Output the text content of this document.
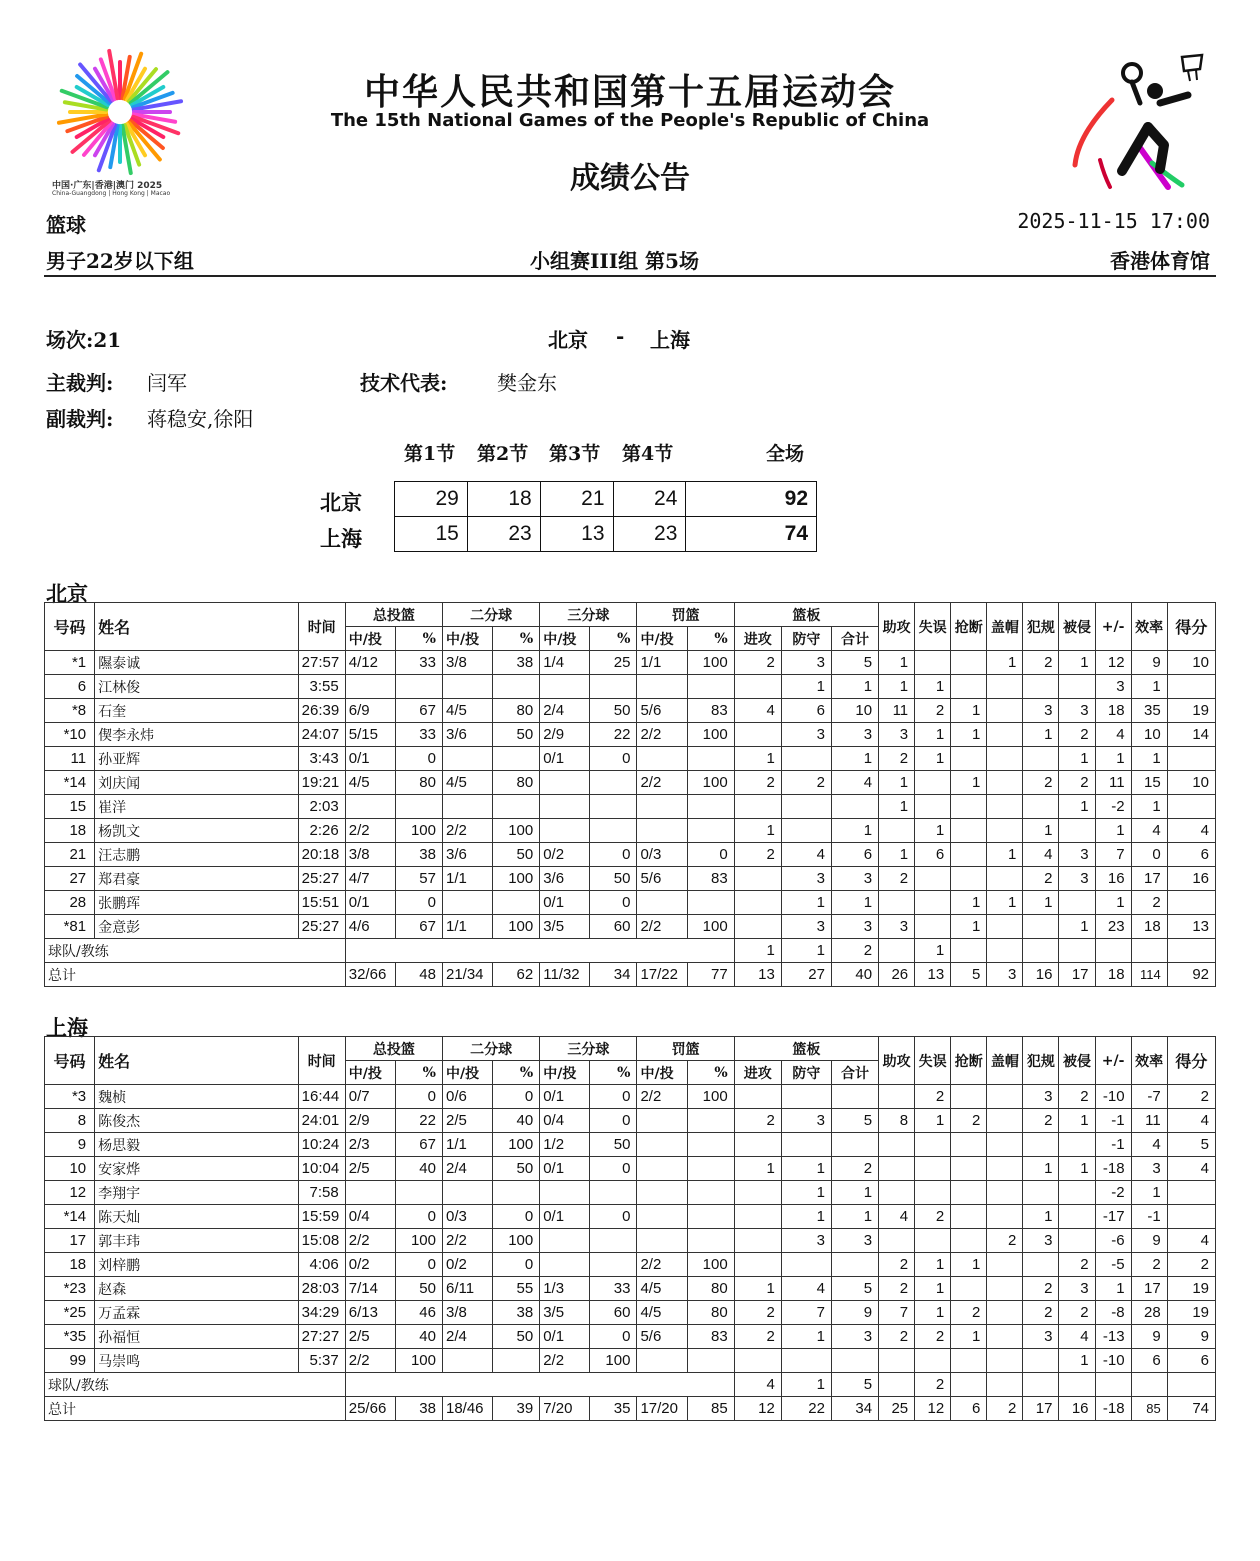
中国·广东|香港|澳门 2025
China-Guangdong | Hong Kong | Macao
中华人民共和国第十五届运动会
The 15th National Games of the People's Republic of China
成绩公告
篮球	2025-11-15 17:00
男子22岁以下组	小组赛III组 第5场	香港体育馆
场次:21	北京 - 上海
主裁判: 闫军	技术代表: 樊金东
副裁判: 蒋稳安,徐阳
第1节 第2节 第3节 第4节	全场
北京
上海
29	18	21	24	92
15	23	13	23	74
北京
号码	姓名	时间	总投篮		二分球		三分球		罚篮		篮板			助攻	失误	抢断	盖帽	犯规	被侵	+/-	效率	得分
			中/投	%	中/投	%	中/投	%	中/投	%	进攻	防守	合计									
*1	隰泰诚	27:57	4/12	33	3/8	38	1/4	25	1/1	100	2	3	5	1			1	2	1	12	9	10
6	江林俊	3:55										1	1	1	1					3	1	
*8	石奎	26:39	6/9	67	4/5	80	2/4	50	5/6	83	4	6	10	11	2	1		3	3	18	35	19
*10	偰李永炜	24:07	5/15	33	3/6	50	2/9	22	2/2	100		3	3	3	1	1		1	2	4	10	14
11	孙亚辉	3:43	0/1	0			0/1	0			1		1	2	1				1	1	1	
*14	刘庆闻	19:21	4/5	80	4/5	80			2/2	100	2	2	4	1		1		2	2	11	15	10
15	崔洋	2:03												1					1	-2	1	
18	杨凯文	2:26	2/2	100	2/2	100					1		1		1			1		1	4	4
21	汪志鹏	20:18	3/8	38	3/6	50	0/2	0	0/3	0	2	4	6	1	6		1	4	3	7	0	6
27	郑君豪	25:27	4/7	57	1/1	100	3/6	50	5/6	83		3	3	2				2	3	16	17	16
28	张鹏珲	15:51	0/1	0			0/1	0				1	1			1	1	1		1	2	
*81	金意彭	25:27	4/6	67	1/1	100	3/5	60	2/2	100		3	3	3		1			1	23	18	13
球队/教练											1	1	2		1							
总计			32/66	48	21/34	62	11/32	34	17/22	77	13	27	40	26	13	5	3	16	17	18	114	92
上海
号码	姓名	时间	总投篮		二分球		三分球		罚篮		篮板			助攻	失误	抢断	盖帽	犯规	被侵	+/-	效率	得分
			中/投	%	中/投	%	中/投	%	中/投	%	进攻	防守	合计									
*3	魏桢	16:44	0/7	0	0/6	0	0/1	0	2/2	100					2			3	2	-10	-7	2
8	陈俊杰	24:01	2/9	22	2/5	40	0/4	0			2	3	5	8	1	2		2	1	-1	11	4
9	杨思毅	10:24	2/3	67	1/1	100	1/2	50												-1	4	5
10	安家烨	10:04	2/5	40	2/4	50	0/1	0			1	1	2					1	1	-18	3	4
12	李翔宇	7:58										1	1							-2	1	
*14	陈天灿	15:59	0/4	0	0/3	0	0/1	0				1	1	4	2			1		-17	-1	
17	郭丰玮	15:08	2/2	100	2/2	100						3	3				2	3		-6	9	4
18	刘梓鹏	4:06	0/2	0	0/2	0			2/2	100				2	1	1			2	-5	2	2
*23	赵森	28:03	7/14	50	6/11	55	1/3	33	4/5	80	1	4	5	2	1			2	3	1	17	19
*25	万孟霖	34:29	6/13	46	3/8	38	3/5	60	4/5	80	2	7	9	7	1	2		2	2	-8	28	19
*35	孙福恒	27:27	2/5	40	2/4	50	0/1	0	5/6	83	2	1	3	2	2	1		3	4	-13	9	9
99	马崇鸣	5:37	2/2	100			2/2	100											1	-10	6	6
球队/教练											4	1	5		2							
总计			25/66	38	18/46	39	7/20	35	17/20	85	12	22	34	25	12	6	2	17	16	-18	85	74
